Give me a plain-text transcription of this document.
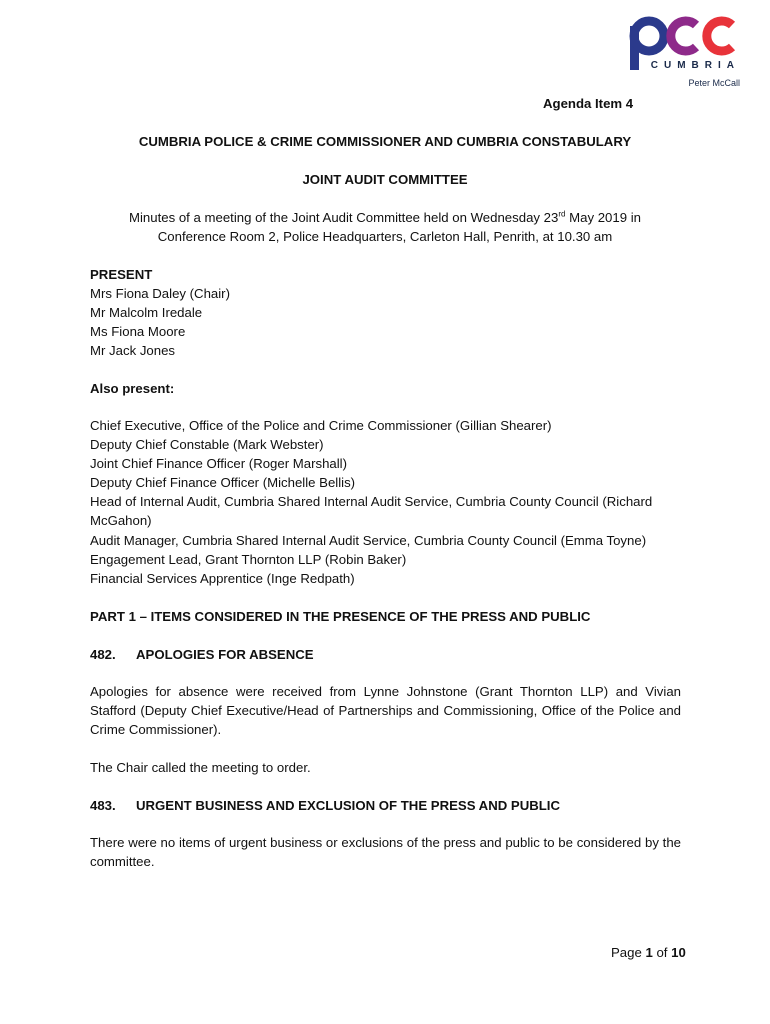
CUMBRIA
Peter McCall
Agenda Item 4
CUMBRIA POLICE & CRIME COMMISSIONER AND CUMBRIA CONSTABULARY
JOINT AUDIT COMMITTEE
Minutes of a meeting of the Joint Audit Committee held on Wednesday 23rd May 2019 in
Conference Room 2, Police Headquarters, Carleton Hall, Penrith, at 10.30 am
PRESENT
Mrs Fiona Daley (Chair)
Mr Malcolm Iredale
Ms Fiona Moore
Mr Jack Jones
Also present:
Chief Executive, Office of the Police and Crime Commissioner (Gillian Shearer)
Deputy Chief Constable (Mark Webster)
Joint Chief Finance Officer (Roger Marshall)
Deputy Chief Finance Officer (Michelle Bellis)
Head of Internal Audit, Cumbria Shared Internal Audit Service, Cumbria County Council (Richard
McGahon)
Audit Manager, Cumbria Shared Internal Audit Service, Cumbria County Council (Emma Toyne)
Engagement Lead, Grant Thornton LLP (Robin Baker)
Financial Services Apprentice (Inge Redpath)
PART 1 – ITEMS CONSIDERED IN THE PRESENCE OF THE PRESS AND PUBLIC
482. APOLOGIES FOR ABSENCE
Apologies for absence were received from Lynne Johnstone (Grant Thornton LLP) and Vivian Stafford (Deputy Chief Executive/Head of Partnerships and Commissioning, Office of the Police and Crime Commissioner).
The Chair called the meeting to order.
483. URGENT BUSINESS AND EXCLUSION OF THE PRESS AND PUBLIC
There were no items of urgent business or exclusions of the press and public to be considered by the committee.
Page 1 of 10
